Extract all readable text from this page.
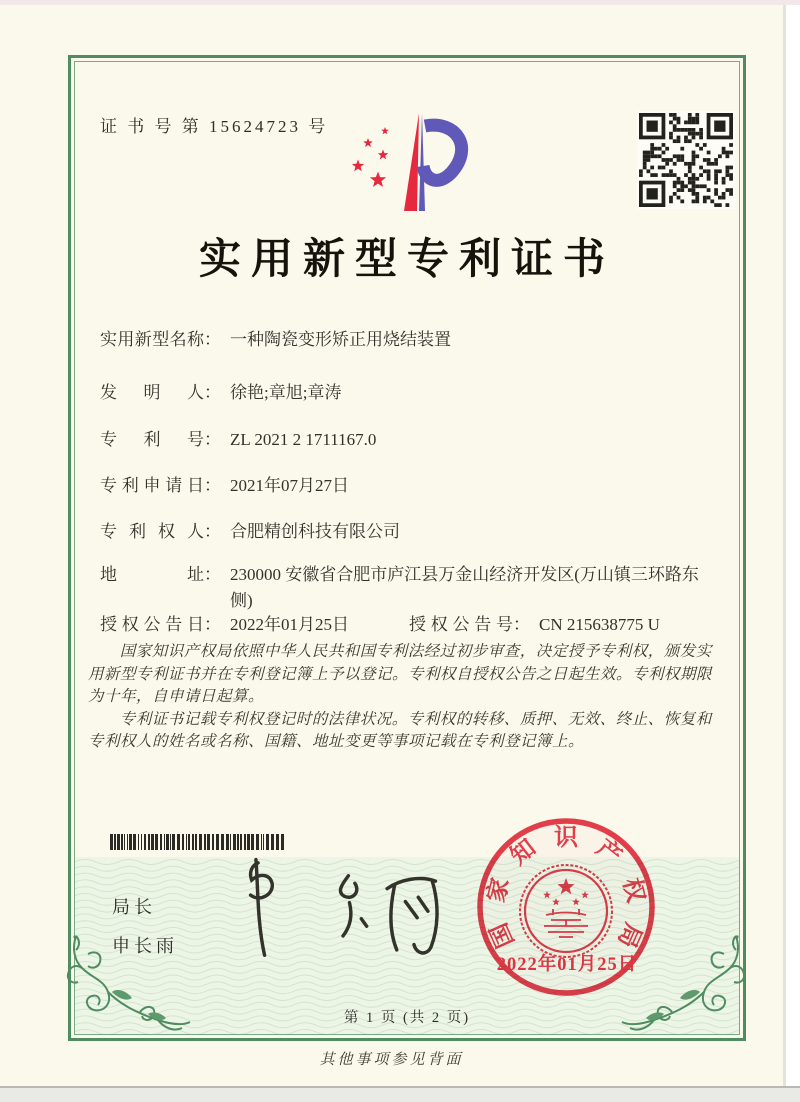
证 书 号 第 15624723 号
实用新型专利证书
实用新型名称 ： 一种陶瓷变形矫正用烧结装置
发明人 ： 徐艳;章旭;章涛
专利号 ： ZL 2021 2 1711167.0
专利申请日 ： 2021年07月27日
专利权人 ： 合肥精创科技有限公司
地址 ： 230000 安徽省合肥市庐江县万金山经济开发区(万山镇三环路东侧)
授权公告日 ： 2022年01月25日	授权公告号 ： CN 215638775 U

国家知识产权局依照中华人民共和国专利法经过初步审查，决定授予专利权，颁发实用新型专利证书并在专利登记簿上予以登记。专利权自授权公告之日起生效。专利权期限为十年，自申请日起算。

专利证书记载专利权登记时的法律状况。专利权的转移、质押、无效、终止、恢复和专利权人的姓名或名称、国籍、地址变更等事项记载在专利登记簿上。

局长
申长雨	国
家
知 识 产
权
局
2022年01月25日
第 1 页 (共 2 页)
其他事项参见背面
